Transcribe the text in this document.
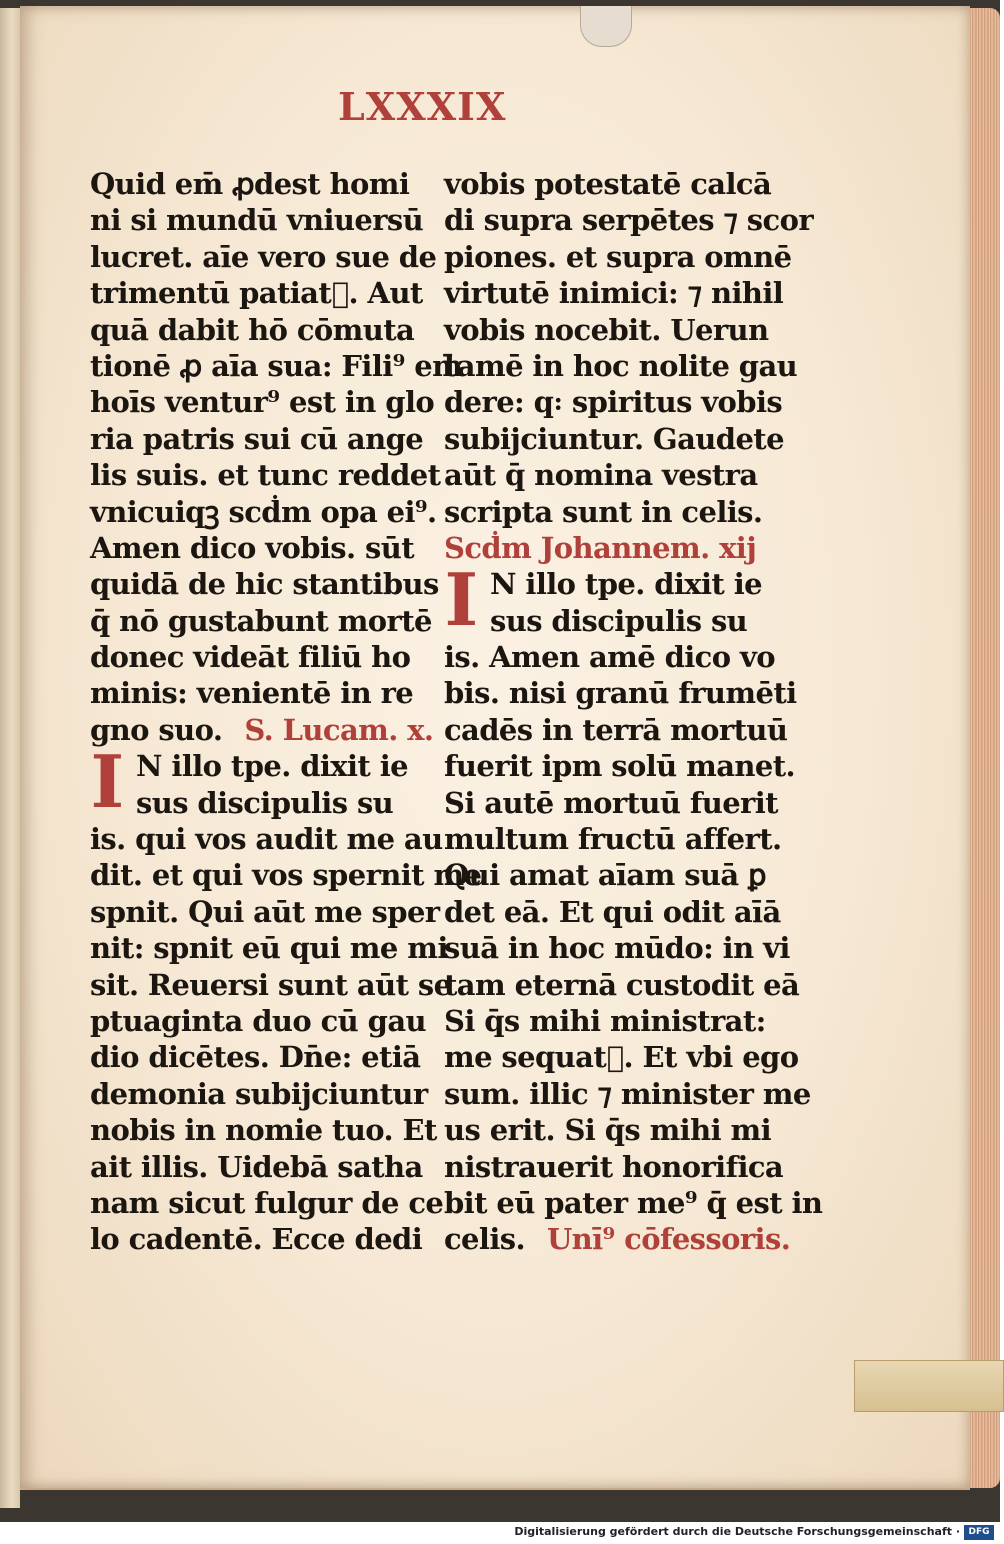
LXXXIX
Quid em̄ ꝓdest homi
ni si mundū vniuersū
lucret. aīe vero sue de
trimentū patiat᷑. Aut
quā dabit hō cōmuta
tionē ꝓ aīa sua: Fili⁹ em̄
hoīs ventur⁹ est in glo
ria patris sui cū ange
lis suis. et tunc reddet
vnicuiqꝫ scḋm opa ei⁹.
Amen dico vobis. sūt
quidā de hic stantibus
q̄ nō gustabunt mortē
donec videāt filiū ho
minis: venientē in re
gno suo. S. Lucam. x.
I N illo tpe. dixit ie
sus discipulis su
is. qui vos audit me au
dit. et qui vos spernit me
spnit. Qui aūt me sper
nit: spnit eū qui me mi
sit. Reuersi sunt aūt se
ptuaginta duo cū gau
dio dicētes. Dn̄e: etiā
demonia subijciuntur
nobis in nomie tuo. Et
ait illis. Uidebā satha
nam sicut fulgur de ce
lo cadentē. Ecce dedi
vobis potestatē calcā
di supra serpētes ⁊ scor
piones. et supra omnē
virtutē inimici: ⁊ nihil
vobis nocebit. Uerun
tamē in hoc nolite gau
dere: q꞉ spiritus vobis
subijciuntur. Gaudete
aūt q̄ nomina vestra
scripta sunt in celis.
Scḋm Johannem. xij
I N illo tpe. dixit ie
sus discipulis su
is. Amen amē dico vo
bis. nisi granū frumēti
cadēs in terrā mortuū
fuerit ipm solū manet.
Si autē mortuū fuerit
multum fructū affert.
Qui amat aīam suā ꝑ
det eā. Et qui odit aīā
suā in hoc mūdo: in vi
tam eternā custodit eā
Si q̄s mihi ministrat:
me sequat᷑. Et vbi ego
sum. illic ⁊ minister me
us erit. Si q̄s mihi mi
nistrauerit honorifica
bit eū pater me⁹ q̄ est in
celis. Unī⁹ cōfessoris.
Digitalisierung gefördert durch die Deutsche Forschungsgemeinschaft · DFG
